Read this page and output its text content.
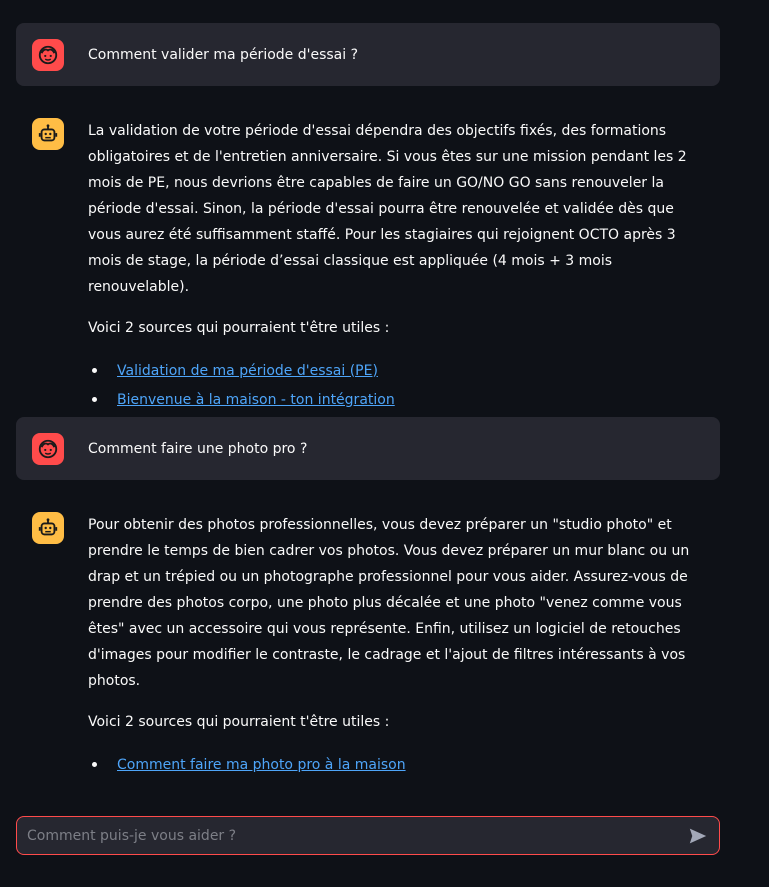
Comment valider ma période d'essai ?

La validation de votre période d'essai dépendra des objectifs fixés, des formations obligatoires et de l'entretien anniversaire. Si vous êtes sur une mission pendant les 2 mois de PE, nous devrions être capables de faire un GO/NO GO sans renouveler la période d'essai. Sinon, la période d'essai pourra être renouvelée et validée dès que vous aurez été suffisamment staffé. Pour les stagiaires qui rejoignent OCTO après 3 mois de stage, la période d’essai classique est appliquée (4 mois + 3 mois renouvelable).

Voici 2 sources qui pourraient t'être utiles :

Validation de ma période d'essai (PE)
Bienvenue à la maison - ton intégration
Comment faire une photo pro ?

Pour obtenir des photos professionnelles, vous devez préparer un "studio photo" et prendre le temps de bien cadrer vos photos. Vous devez préparer un mur blanc ou un drap et un trépied ou un photographe professionnel pour vous aider. Assurez-vous de prendre des photos corpo, une photo plus décalée et une photo "venez comme vous êtes" avec un accessoire qui vous représente. Enfin, utilisez un logiciel de retouches d'images pour modifier le contraste, le cadrage et l'ajout de filtres intéressants à vos photos.

Voici 2 sources qui pourraient t'être utiles :

Comment faire ma photo pro à la maison
Comment puis-je vous aider ?
